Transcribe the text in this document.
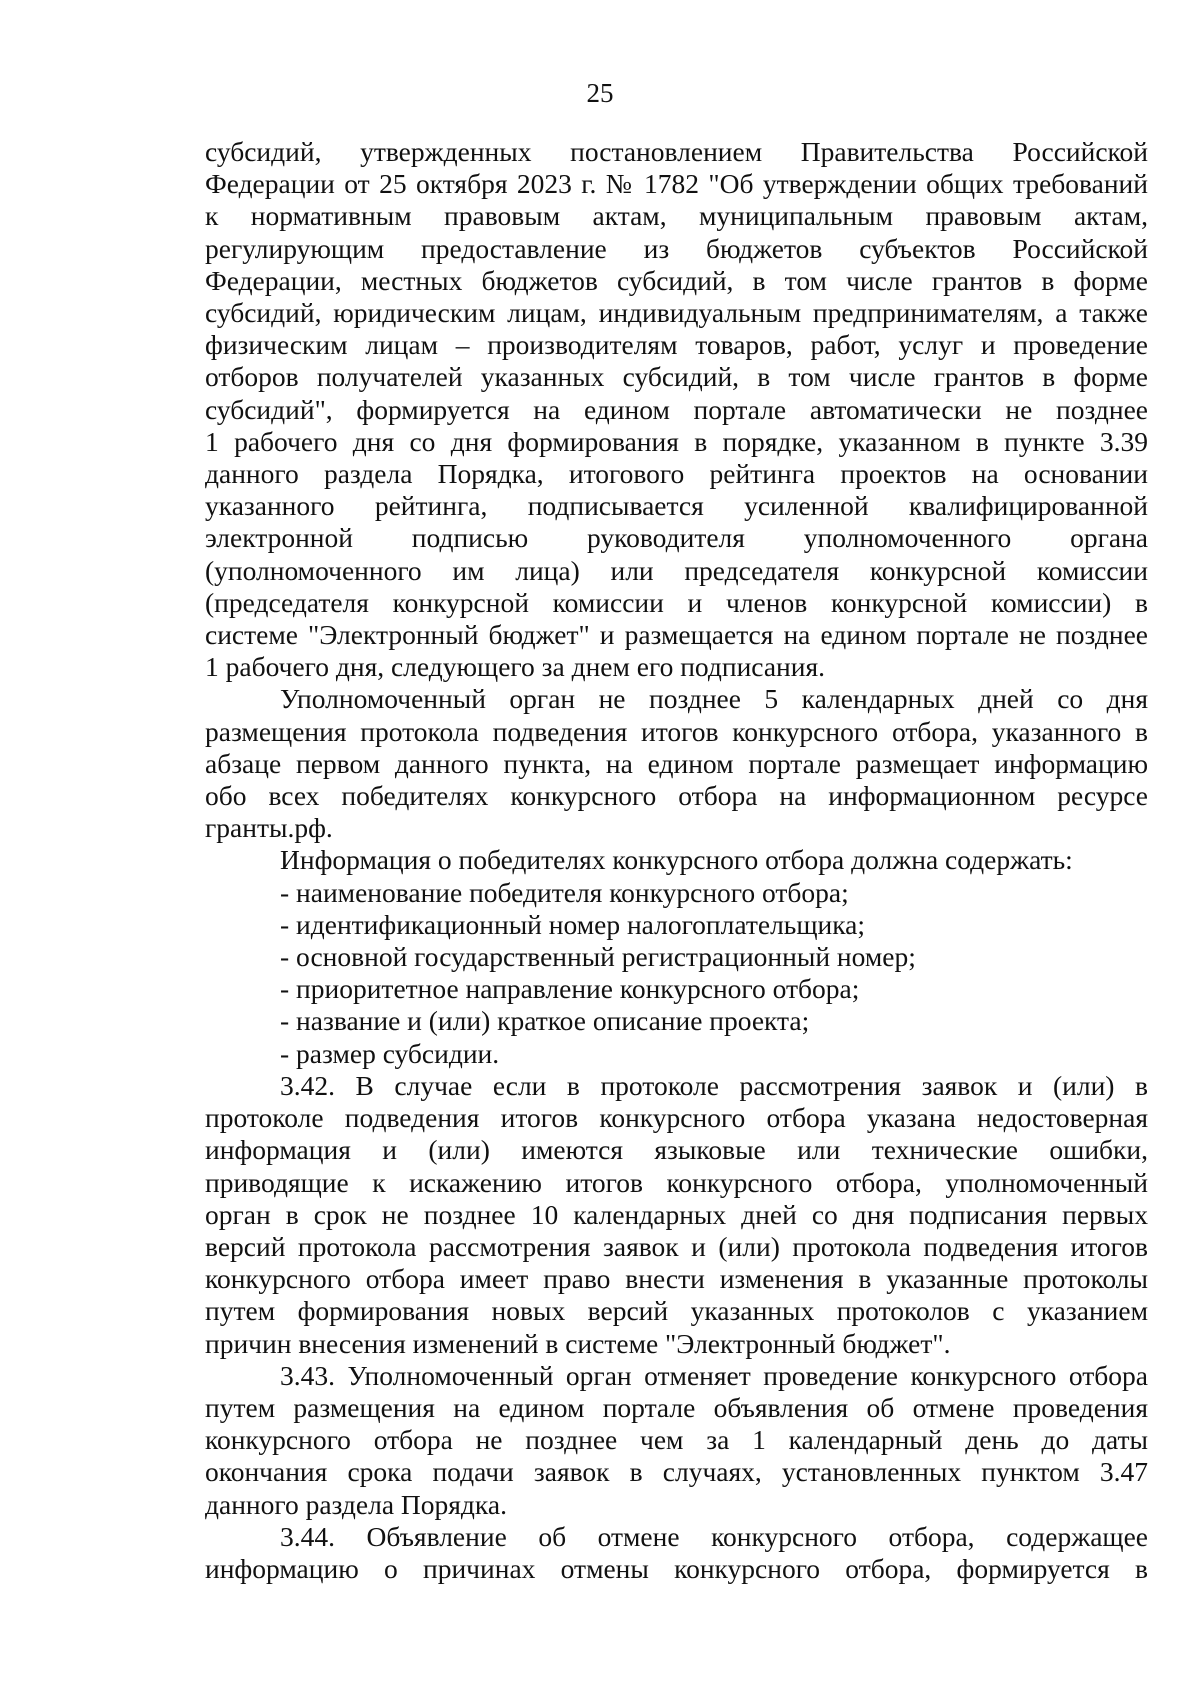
25
субсидий, утвержденных постановлением Правительства Российской
Федерации от 25 октября 2023 г. № 1782 "Об утверждении общих требований
к нормативным правовым актам, муниципальным правовым актам,
регулирующим предоставление из бюджетов субъектов Российской
Федерации, местных бюджетов субсидий, в том числе грантов в форме
субсидий, юридическим лицам, индивидуальным предпринимателям, а также
физическим лицам – производителям товаров, работ, услуг и проведение
отборов получателей указанных субсидий, в том числе грантов в форме
субсидий", формируется на едином портале автоматически не позднее
1 рабочего дня со дня формирования в порядке, указанном в пункте 3.39
данного раздела Порядка, итогового рейтинга проектов на основании
указанного рейтинга, подписывается усиленной квалифицированной
электронной подписью руководителя уполномоченного органа
(уполномоченного им лица) или председателя конкурсной комиссии
(председателя конкурсной комиссии и членов конкурсной комиссии) в
системе "Электронный бюджет" и размещается на едином портале не позднее
1 рабочего дня, следующего за днем его подписания.
Уполномоченный орган не позднее 5 календарных дней со дня
размещения протокола подведения итогов конкурсного отбора, указанного в
абзаце первом данного пункта, на едином портале размещает информацию
обо всех победителях конкурсного отбора на информационном ресурсе
гранты.рф.
Информация о победителях конкурсного отбора должна содержать:
- наименование победителя конкурсного отбора;
- идентификационный номер налогоплательщика;
- основной государственный регистрационный номер;
- приоритетное направление конкурсного отбора;
- название и (или) краткое описание проекта;
- размер субсидии.
3.42. В случае если в протоколе рассмотрения заявок и (или) в
протоколе подведения итогов конкурсного отбора указана недостоверная
информация и (или) имеются языковые или технические ошибки,
приводящие к искажению итогов конкурсного отбора, уполномоченный
орган в срок не позднее 10 календарных дней со дня подписания первых
версий протокола рассмотрения заявок и (или) протокола подведения итогов
конкурсного отбора имеет право внести изменения в указанные протоколы
путем формирования новых версий указанных протоколов с указанием
причин внесения изменений в системе "Электронный бюджет".
3.43. Уполномоченный орган отменяет проведение конкурсного отбора
путем размещения на едином портале объявления об отмене проведения
конкурсного отбора не позднее чем за 1 календарный день до даты
окончания срока подачи заявок в случаях, установленных пунктом 3.47
данного раздела Порядка.
3.44. Объявление об отмене конкурсного отбора, содержащее
информацию о причинах отмены конкурсного отбора, формируется в
